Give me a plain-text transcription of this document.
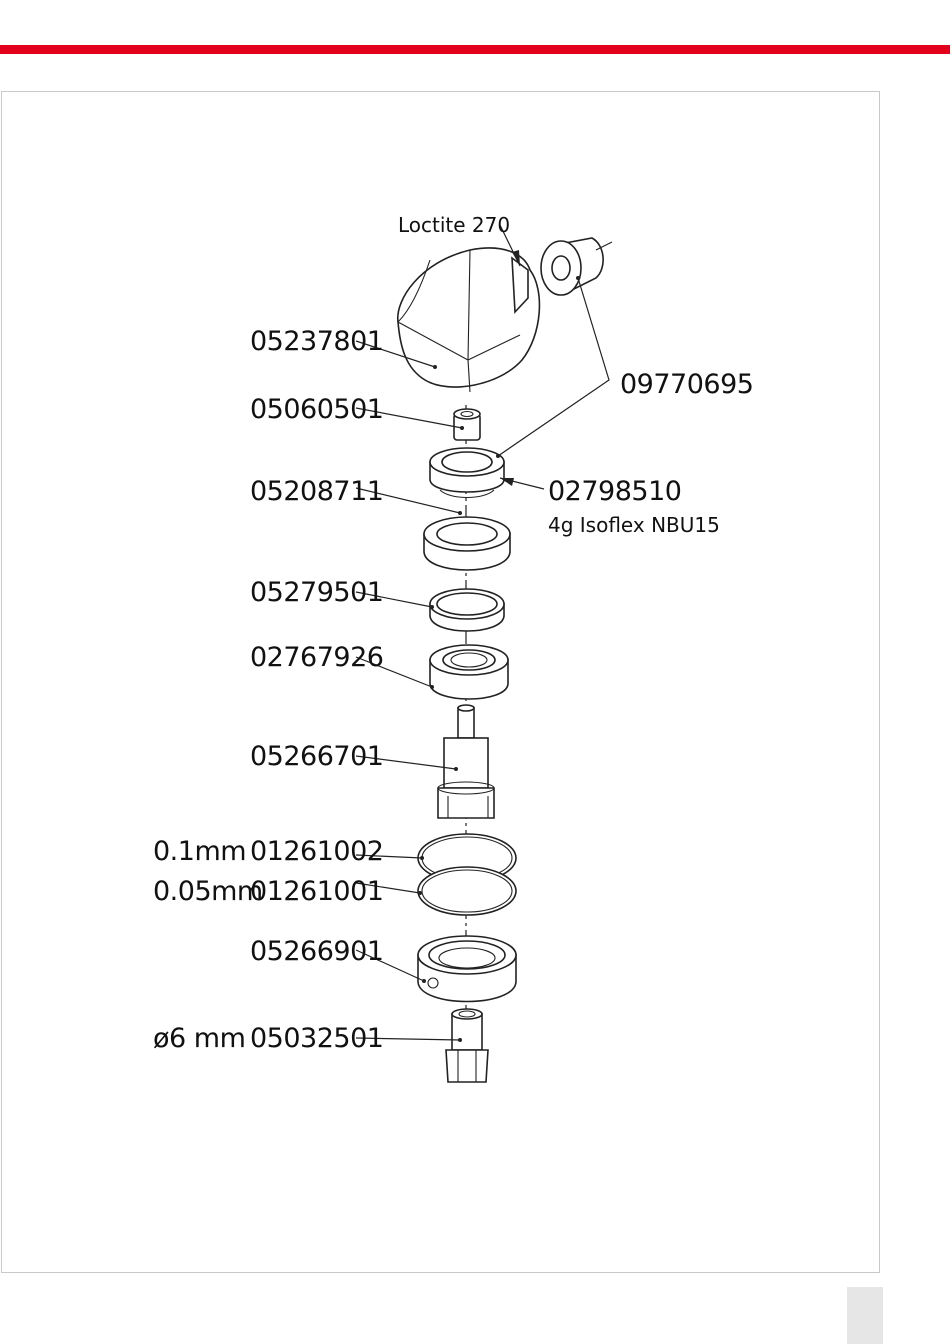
Loctite 270
05237801
09770695
05060501
05208711	02798510
4g Isoflex NBU15
05279501
02767926
05266701
0.1mm 01261002
0.05mm
01261001
05266901
ø6 mm 05032501
